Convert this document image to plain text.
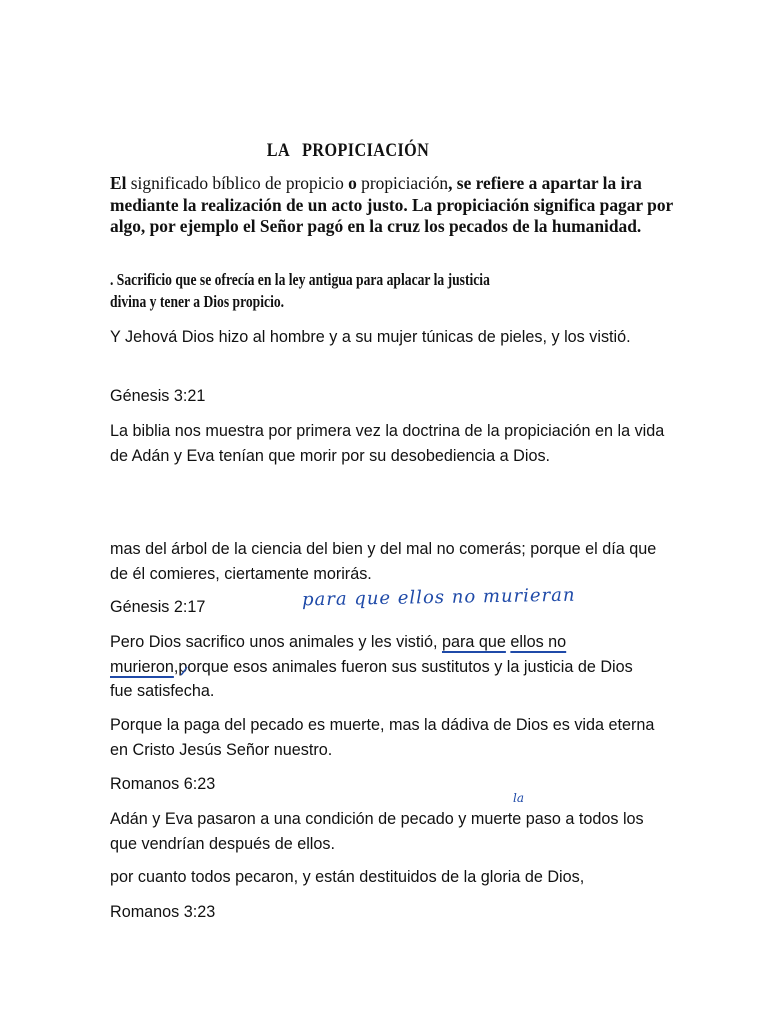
LA PROPICIACIÓN
El significado bíblico de propicio o propiciación, se refiere a apartar la ira mediante la realización de un acto justo. La propiciación significa pagar por algo, por ejemplo el Señor pagó en la cruz los pecados de la humanidad.
. Sacrificio que se ofrecía en la ley antigua para aplacar la justicia
divina y tener a Dios propicio.
Y Jehová Dios hizo al hombre y a su mujer túnicas de pieles, y los vistió.
Génesis 3:21
La biblia nos muestra por primera vez la doctrina de la propiciación en la vida de Adán y Eva tenían que morir por su desobediencia a Dios.
mas del árbol de la ciencia del bien y del mal no comerás; porque el día que de él comieres, ciertamente morirás.
Génesis 2:17	para que ellos no murieran
Pero Dios sacrifico unos animales y les vistió, para que ellos no murieron,porque esos animales fueron sus sustitutos y la justicia de Dios fue satisfecha.
Porque la paga del pecado es muerte, mas la dádiva de Dios es vida eterna en Cristo Jesús Señor nuestro.
Romanos 6:23
la
Adán y Eva pasaron a una condición de pecado y muerte paso a todos los que vendrían después de ellos.
por cuanto todos pecaron, y están destituidos de la gloria de Dios,
Romanos 3:23
